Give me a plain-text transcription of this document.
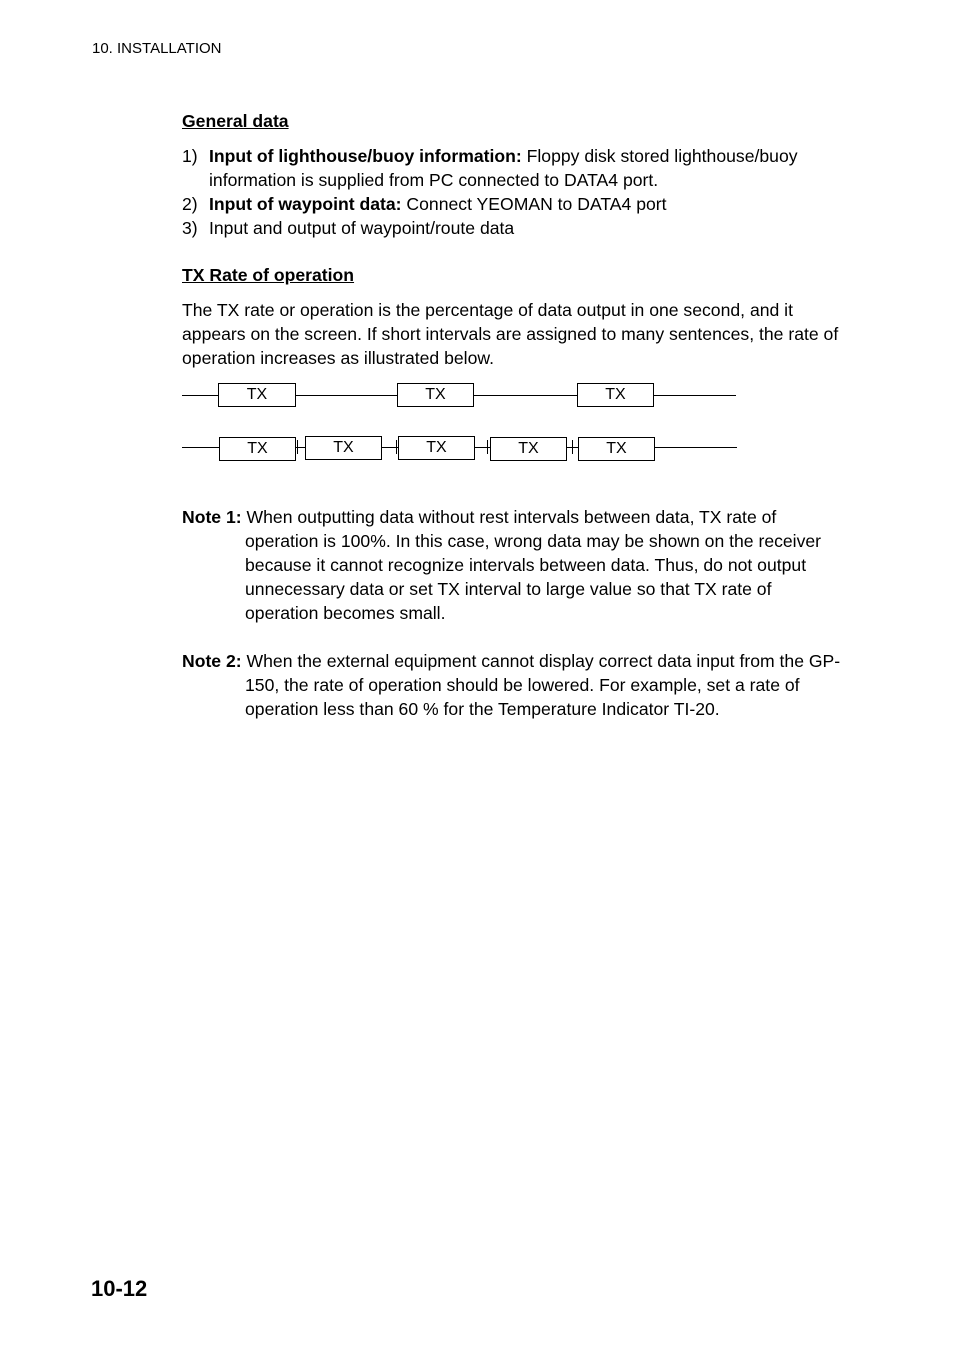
10. INSTALLATION
General data
1) Input of lighthouse/buoy information: Floppy disk stored lighthouse/buoy information is supplied from PC connected to DATA4 port.
2) Input of waypoint data: Connect YEOMAN to DATA4 port
3) Input and output of waypoint/route data
TX Rate of operation

The TX rate or operation is the percentage of data output in one second, and it appears on the screen. If short intervals are assigned to many sentences, the rate of operation increases as illustrated below.

TX	TX	TX
TX	TX	TX	TX	TX
Note 1: When outputting data without rest intervals between data, TX rate of operation is 100%. In this case, wrong data may be shown on the receiver because it cannot recognize intervals between data. Thus, do not output unnecessary data or set TX interval to large value so that TX rate of operation becomes small.
Note 2: When the external equipment cannot display correct data input from the GP-150, the rate of operation should be lowered. For example, set a rate of operation less than 60 % for the Temperature Indicator TI-20.
10-12
